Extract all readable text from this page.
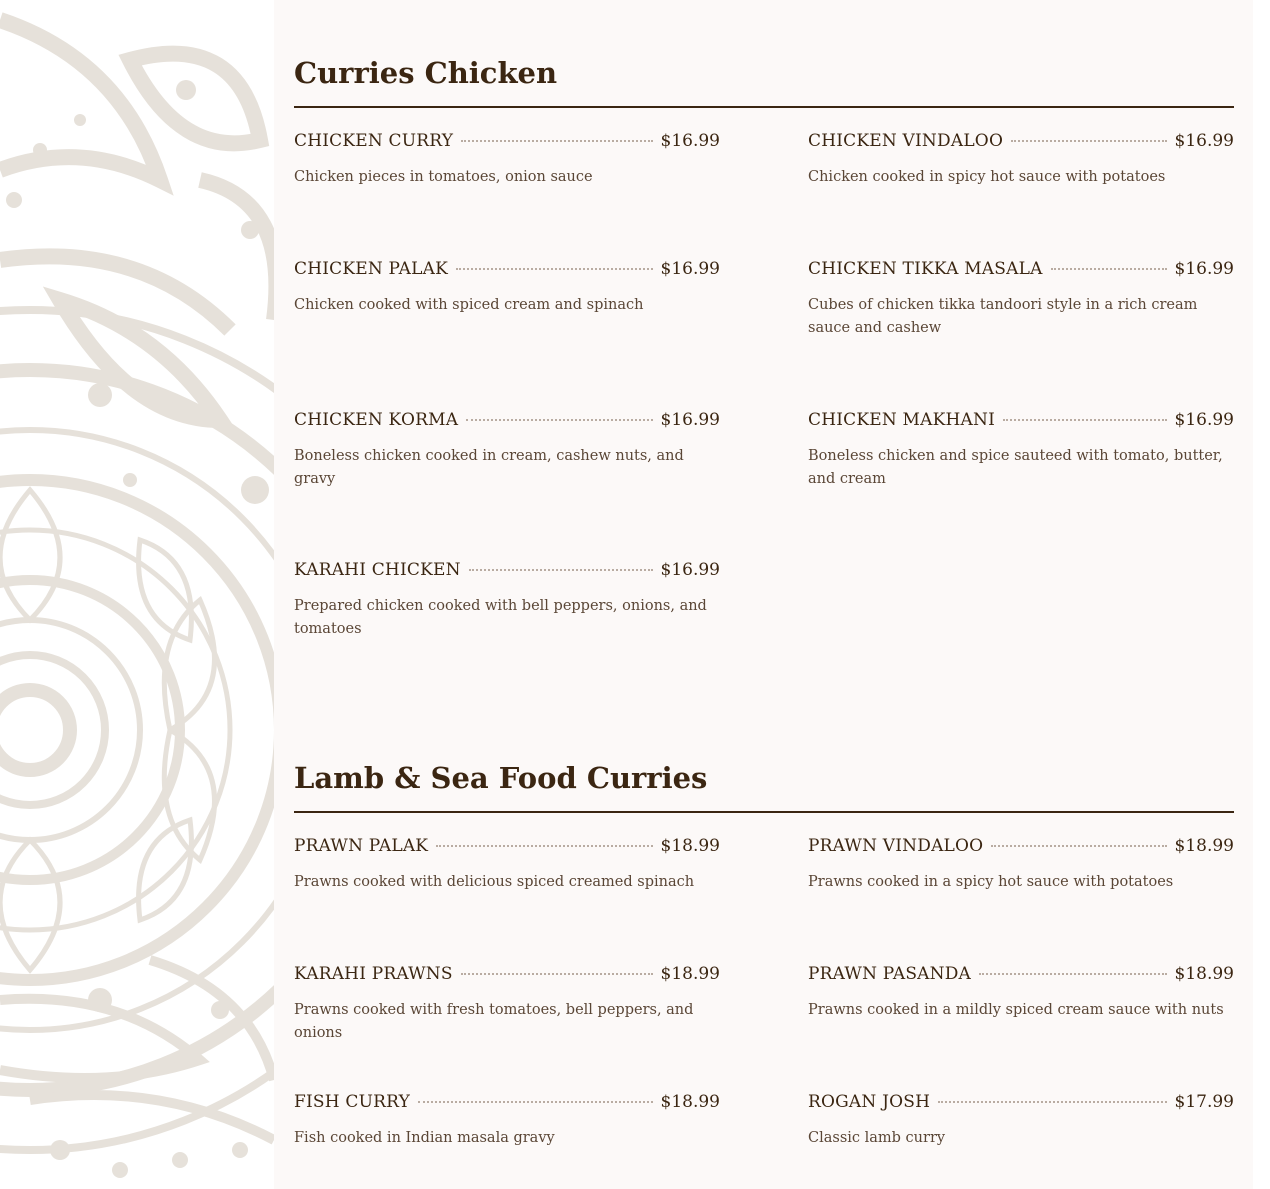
Curries Chicken
CHICKEN CURRY	$16.99
Chicken pieces in tomatoes, onion sauce
CHICKEN VINDALOO	$16.99
Chicken cooked in spicy hot sauce with potatoes
CHICKEN PALAK	$16.99
Chicken cooked with spiced cream and spinach
CHICKEN TIKKA MASALA	$16.99
Cubes of chicken tikka tandoori style in a rich cream sauce and cashew
CHICKEN KORMA	$16.99
Boneless chicken cooked in cream, cashew nuts, and gravy
CHICKEN MAKHANI	$16.99
Boneless chicken and spice sauteed with tomato, butter, and cream
KARAHI CHICKEN	$16.99
Prepared chicken cooked with bell peppers, onions, and tomatoes
Lamb & Sea Food Curries
PRAWN PALAK	$18.99
Prawns cooked with delicious spiced creamed spinach
PRAWN VINDALOO	$18.99
Prawns cooked in a spicy hot sauce with potatoes
KARAHI PRAWNS	$18.99
Prawns cooked with fresh tomatoes, bell peppers, and onions
PRAWN PASANDA	$18.99
Prawns cooked in a mildly spiced cream sauce with nuts
FISH CURRY	$18.99
Fish cooked in Indian masala gravy
ROGAN JOSH	$17.99
Classic lamb curry
